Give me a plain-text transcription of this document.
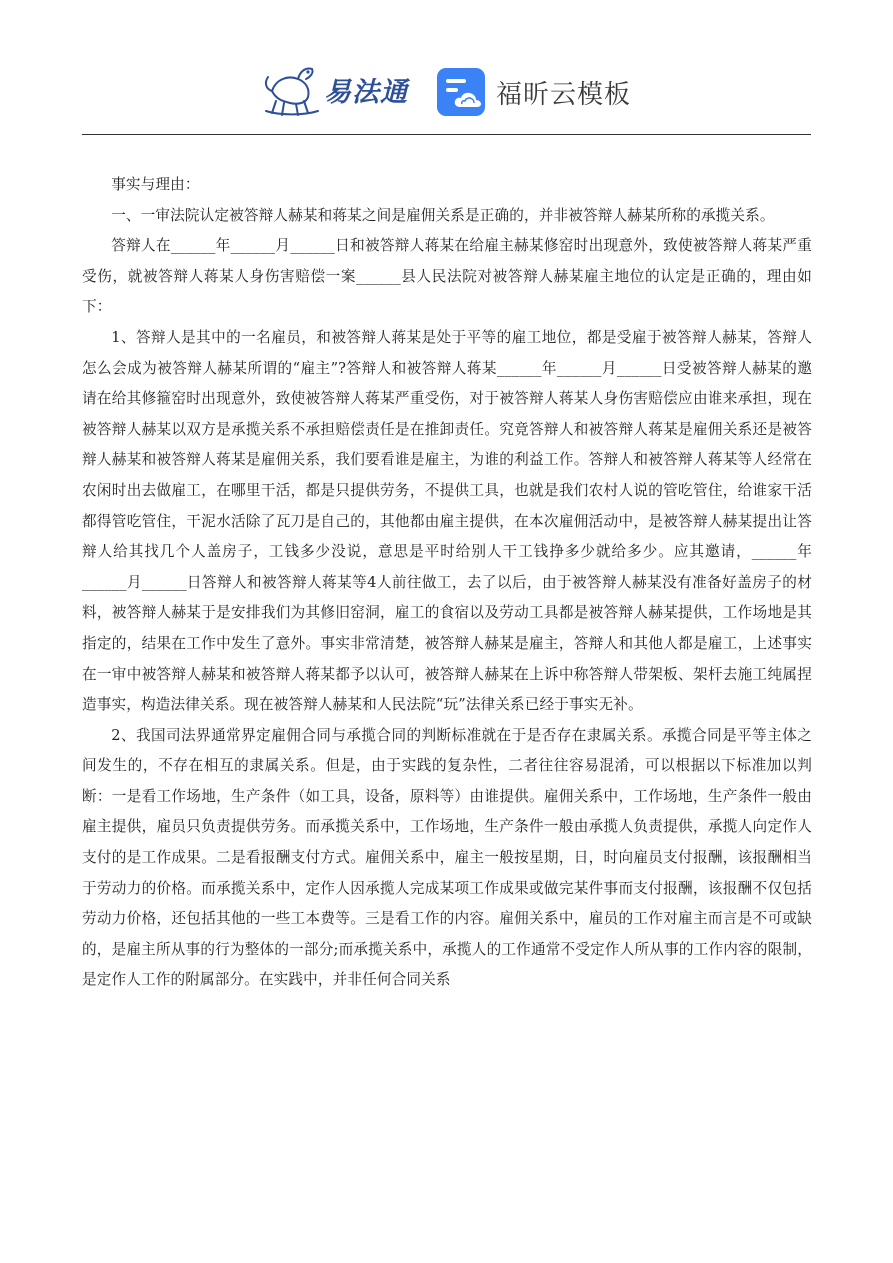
易法通	福昕云模板

事实与理由：

一、一审法院认定被答辩人赫某和蒋某之间是雇佣关系是正确的，并非被答辩人赫某所称的承揽关系。

答辩人在______年______月______日和被答辩人蒋某在给雇主赫某修窑时出现意外，致使被答辩人蒋某严重受伤，就被答辩人蒋某人身伤害赔偿一案______县人民法院对被答辩人赫某雇主地位的认定是正确的，理由如下：

1、答辩人是其中的一名雇员，和被答辩人蒋某是处于平等的雇工地位，都是受雇于被答辩人赫某，答辩人怎么会成为被答辩人赫某所谓的“雇主”?答辩人和被答辩人蒋某______年______月______日受被答辩人赫某的邀请在给其修箍窑时出现意外，致使被答辩人蒋某严重受伤，对于被答辩人蒋某人身伤害赔偿应由谁来承担，现在被答辩人赫某以双方是承揽关系不承担赔偿责任是在推卸责任。究竟答辩人和被答辩人蒋某是雇佣关系还是被答辩人赫某和被答辩人蒋某是雇佣关系，我们要看谁是雇主，为谁的利益工作。答辩人和被答辩人蒋某等人经常在农闲时出去做雇工，在哪里干活，都是只提供劳务，不提供工具，也就是我们农村人说的管吃管住，给谁家干活都得管吃管住，干泥水活除了瓦刀是自己的，其他都由雇主提供，在本次雇佣活动中，是被答辩人赫某提出让答辩人给其找几个人盖房子，工钱多少没说，意思是平时给别人干工钱挣多少就给多少。应其邀请，______年______月______日答辩人和被答辩人蒋某等4人前往做工，去了以后，由于被答辩人赫某没有准备好盖房子的材料，被答辩人赫某于是安排我们为其修旧窑洞，雇工的食宿以及劳动工具都是被答辩人赫某提供，工作场地是其指定的，结果在工作中发生了意外。事实非常清楚，被答辩人赫某是雇主，答辩人和其他人都是雇工，上述事实在一审中被答辩人赫某和被答辩人蒋某都予以认可，被答辩人赫某在上诉中称答辩人带架板、架杆去施工纯属捏造事实，构造法律关系。现在被答辩人赫某和人民法院“玩”法律关系已经于事实无补。

2、我国司法界通常界定雇佣合同与承揽合同的判断标准就在于是否存在隶属关系。承揽合同是平等主体之间发生的，不存在相互的隶属关系。但是，由于实践的复杂性，二者往往容易混淆，可以根据以下标准加以判断：一是看工作场地，生产条件（如工具，设备，原料等）由谁提供。雇佣关系中，工作场地，生产条件一般由雇主提供，雇员只负责提供劳务。而承揽关系中，工作场地，生产条件一般由承揽人负责提供，承揽人向定作人支付的是工作成果。二是看报酬支付方式。雇佣关系中，雇主一般按星期，日，时向雇员支付报酬，该报酬相当于劳动力的价格。而承揽关系中，定作人因承揽人完成某项工作成果或做完某件事而支付报酬，该报酬不仅包括劳动力价格，还包括其他的一些工本费等。三是看工作的内容。雇佣关系中，雇员的工作对雇主而言是不可或缺的，是雇主所从事的行为整体的一部分;而承揽关系中，承揽人的工作通常不受定作人所从事的工作内容的限制，是定作人工作的附属部分。在实践中，并非任何合同关系
